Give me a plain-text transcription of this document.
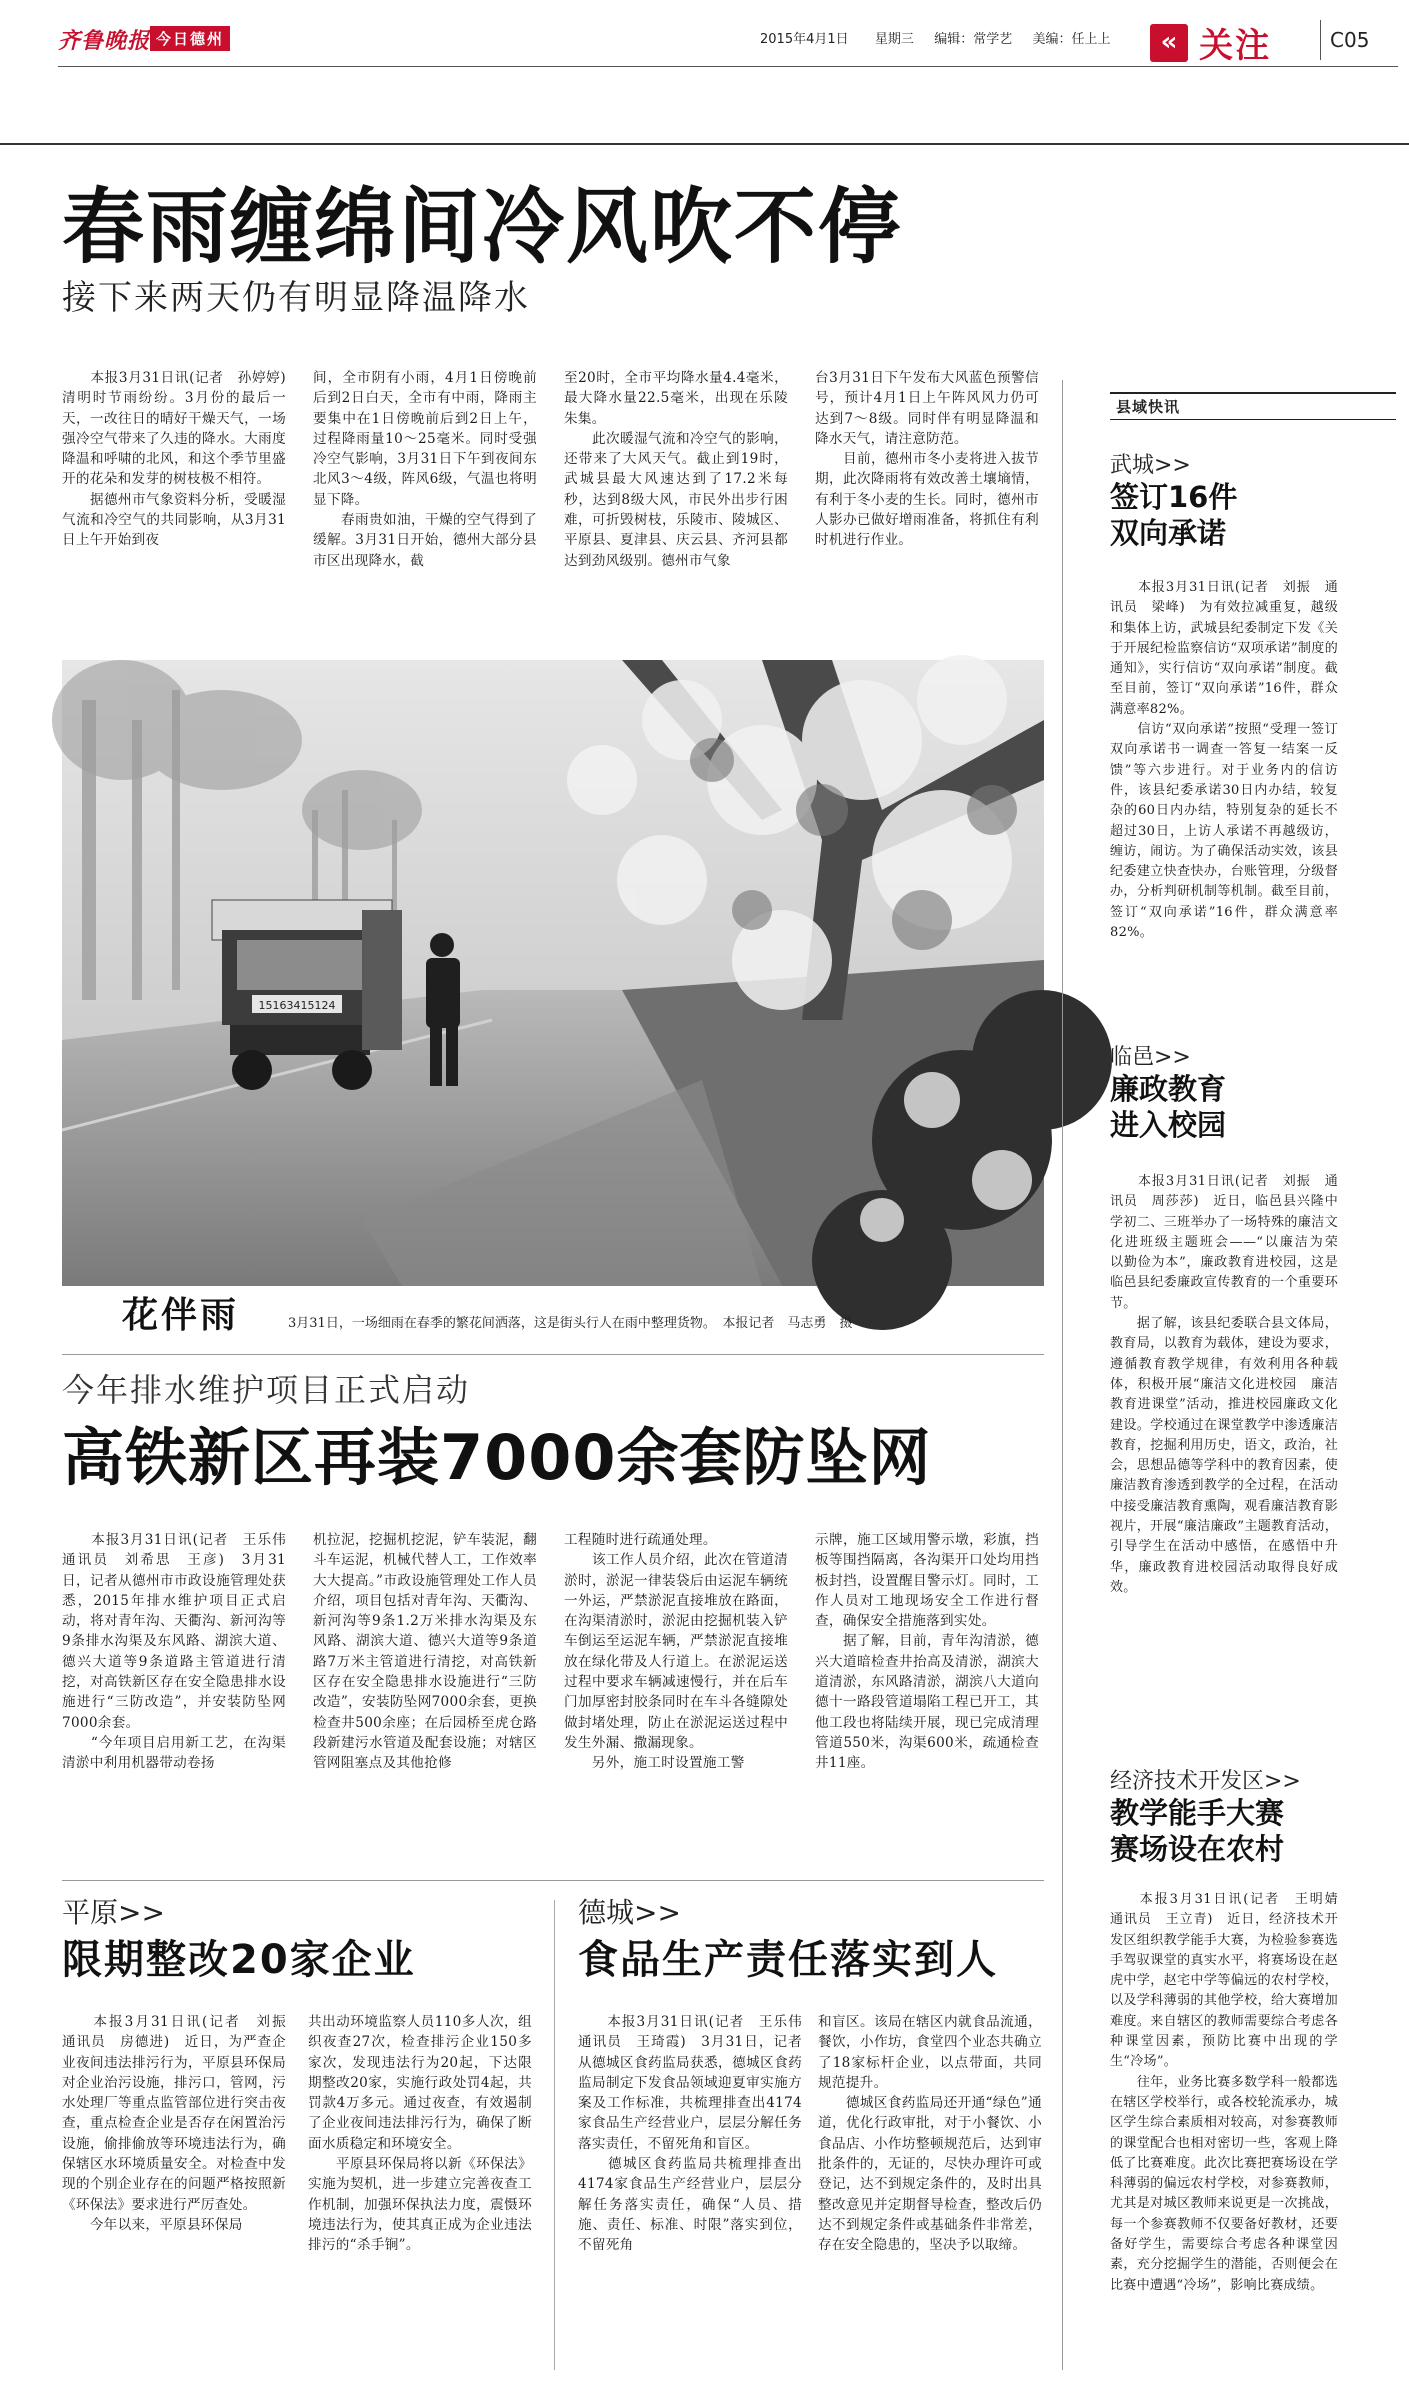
齐鲁晚报 今日德州	2015年4月1日 星期三 编辑：常学艺 美编：任上上	« 关注	C05
春雨缠绵间冷风吹不停
接下来两天仍有明显降温降水
　　本报3月31日讯(记者　孙婷婷)　清明时节雨纷纷。3月份的最后一天，一改往日的晴好干燥天气，一场强冷空气带来了久违的降水。大雨度降温和呼啸的北风，和这个季节里盛开的花朵和发芽的树枝极不相符。
　　据德州市气象资料分析，受暖湿气流和冷空气的共同影响，从3月31日上午开始到夜
间，全市阴有小雨，4月1日傍晚前后到2日白天，全市有中雨，降雨主要集中在1日傍晚前后到2日上午，过程降雨量10～25毫米。同时受强冷空气影响，3月31日下午到夜间东北风3～4级，阵风6级，气温也将明显下降。
　　春雨贵如油，干燥的空气得到了缓解。3月31日开始，德州大部分县市区出现降水，截
至20时，全市平均降水量4.4毫米，最大降水量22.5毫米，出现在乐陵朱集。
　　此次暖湿气流和冷空气的影响，还带来了大风天气。截止到19时，武城县最大风速达到了17.2米每秒，达到8级大风，市民外出步行困难，可折毁树枝，乐陵市、陵城区、平原县、夏津县、庆云县、齐河县都达到劲风级别。德州市气象
台3月31日下午发布大风蓝色预警信号，预计4月1日上午阵风风力仍可达到7～8级。同时伴有明显降温和降水天气，请注意防范。
　　目前，德州市冬小麦将进入拔节期，此次降雨将有效改善土壤墒情，有利于冬小麦的生长。同时，德州市人影办已做好增雨准备，将抓住有利时机进行作业。
15163415124
花伴雨	3月31日，一场细雨在春季的繁花间洒落，这是街头行人在雨中整理货物。　本报记者　马志勇　摄
今年排水维护项目正式启动
高铁新区再装7000余套防坠网
　　本报3月31日讯(记者　王乐伟　通讯员　刘希思　王彦)　3月31日，记者从德州市市政设施管理处获悉，2015年排水维护项目正式启动，将对青年沟、天衢沟、新河沟等9条排水沟渠及东风路、湖滨大道、德兴大道等9条道路主管道进行清挖，对高铁新区存在安全隐患排水设施进行“三防改造”，并安装防坠网7000余套。
　　“今年项目启用新工艺，在沟渠清淤中利用机器带动卷扬
机拉泥，挖掘机挖泥，铲车装泥，翻斗车运泥，机械代替人工，工作效率大大提高。”市政设施管理处工作人员介绍，项目包括对青年沟、天衢沟、新河沟等9条1.2万米排水沟渠及东风路、湖滨大道、德兴大道等9条道路7万米主管道进行清挖，对高铁新区存在安全隐患排水设施进行“三防改造”，安装防坠网7000余套，更换检查井500余座；在后园桥至虎仓路段新建污水管道及配套设施；对辖区管网阻塞点及其他抢修
工程随时进行疏通处理。
　　该工作人员介绍，此次在管道清淤时，淤泥一律装袋后由运泥车辆统一外运，严禁淤泥直接堆放在路面，在沟渠清淤时，淤泥由挖掘机装入铲车倒运至运泥车辆，严禁淤泥直接堆放在绿化带及人行道上。在淤泥运送过程中要求车辆减速慢行，并在后车门加厚密封胶条同时在车斗各缝隙处做封堵处理，防止在淤泥运送过程中发生外漏、撒漏现象。
　　另外，施工时设置施工警
示牌，施工区域用警示墩，彩旗，挡板等围挡隔离，各沟渠开口处均用挡板封挡，设置醒目警示灯。同时，工作人员对工地现场安全工作进行督查，确保安全措施落到实处。
　　据了解，目前，青年沟清淤，德兴大道暗检查井抬高及清淤，湖滨大道清淤，东风路清淤，湖滨八大道向德十一路段管道塌陷工程已开工，其他工段也将陆续开展，现已完成清理管道550米，沟渠600米，疏通检查井11座。
平原>>
限期整改20家企业
　　本报3月31日讯(记者　刘振　通讯员　房德进)　近日，为严查企业夜间违法排污行为，平原县环保局对企业治污设施，排污口，管网，污水处理厂等重点监管部位进行突击夜查，重点检查企业是否存在闲置治污设施，偷排偷放等环境违法行为，确保辖区水环境质量安全。对检查中发现的个别企业存在的问题严格按照新《环保法》要求进行严厉查处。
　　今年以来，平原县环保局
共出动环境监察人员110多人次，组织夜查27次，检查排污企业150多家次，发现违法行为20起，下达限期整改20家，实施行政处罚4起，共罚款4万多元。通过夜查，有效遏制了企业夜间违法排污行为，确保了断面水质稳定和环境安全。
　　平原县环保局将以新《环保法》实施为契机，进一步建立完善夜查工作机制，加强环保执法力度，震慑环境违法行为，使其真正成为企业违法排污的“杀手锏”。
德城>>
食品生产责任落实到人
　　本报3月31日讯(记者　王乐伟　通讯员　王琦霞)　3月31日，记者从德城区食药监局获悉，德城区食药监局制定下发食品领域迎夏审实施方案及工作标准，共梳理排查出4174家食品生产经营业户，层层分解任务落实责任，不留死角和盲区。
　　德城区食药监局共梳理排查出4174家食品生产经营业户，层层分解任务落实责任，确保“人员、措施、责任、标准、时限”落实到位，不留死角
和盲区。该局在辖区内就食品流通，餐饮，小作坊，食堂四个业态共确立了18家标杆企业，以点带面，共同规范提升。
　　德城区食药监局还开通“绿色”通道，优化行政审批，对于小餐饮、小食品店、小作坊整顿规范后，达到审批条件的，无证的，尽快办理许可或登记，达不到规定条件的，及时出具整改意见并定期督导检查，整改后仍达不到规定条件或基础条件非常差，存在安全隐患的，坚决予以取缔。
县域快讯
武城>>
签订16件
双向承诺
　　本报3月31日讯(记者　刘振　通讯员　梁峰)　为有效拉减重复，越级和集体上访，武城县纪委制定下发《关于开展纪检监察信访“双项承诺”制度的通知》，实行信访“双向承诺”制度。截至目前，签订“双向承诺”16件，群众满意率82%。
　　信访“双向承诺”按照“受理一签订双向承诺书一调查一答复一结案一反馈”等六步进行。对于业务内的信访件，该县纪委承诺30日内办结，较复杂的60日内办结，特别复杂的延长不超过30日，上访人承诺不再越级访，缠访，闹访。为了确保活动实效，该县纪委建立快查快办，台账管理，分级督办，分析判研机制等机制。截至目前，签订“双向承诺”16件，群众满意率82%。
临邑>>
廉政教育
进入校园
　　本报3月31日讯(记者　刘振　通讯员　周莎莎)　近日，临邑县兴隆中学初二、三班举办了一场特殊的廉洁文化进班级主题班会——“以廉洁为荣　以勤俭为本”，廉政教育进校园，这是临邑县纪委廉政宣传教育的一个重要环节。
　　据了解，该县纪委联合县文体局，教育局，以教育为载体，建设为要求，遵循教育教学规律，有效利用各种载体，积极开展“廉洁文化进校园　廉洁教育进课堂”活动，推进校园廉政文化建设。学校通过在课堂教学中渗透廉洁教育，挖掘利用历史，语文，政治，社会，思想品德等学科中的教育因素，使廉洁教育渗透到教学的全过程，在活动中接受廉洁教育熏陶，观看廉洁教育影视片，开展“廉洁廉政”主题教育活动，引导学生在活动中感悟，在感悟中升华，廉政教育进校园活动取得良好成效。
经济技术开发区>>
教学能手大赛
赛场设在农村
　　本报3月31日讯(记者　王明婧　通讯员　王立青)　近日，经济技术开发区组织教学能手大赛，为检验参赛选手驾驭课堂的真实水平，将赛场设在赵虎中学，赵宅中学等偏远的农村学校，以及学科薄弱的其他学校，给大赛增加难度。来自辖区的教师需要综合考虑各种课堂因素，预防比赛中出现的学生“冷场”。
　　往年，业务比赛多数学科一般都选在辖区学校举行，或各校轮流承办，城区学生综合素质相对较高，对参赛教师的课堂配合也相对密切一些，客观上降低了比赛难度。此次比赛把赛场设在学科薄弱的偏远农村学校，对参赛教师，尤其是对城区教师来说更是一次挑战，每一个参赛教师不仅要备好教材，还要备好学生，需要综合考虑各种课堂因素，充分挖掘学生的潜能，否则便会在比赛中遭遇“冷场”，影响比赛成绩。
